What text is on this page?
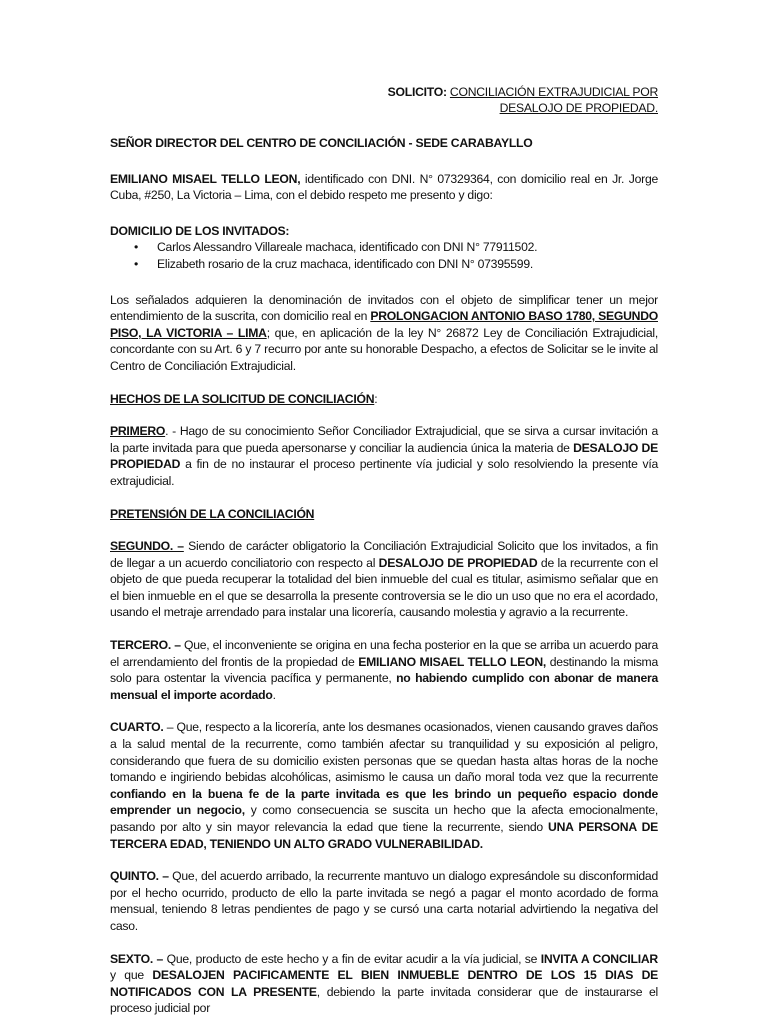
SOLICITO: CONCILIACIÓN EXTRAJUDICIAL POR
DESALOJO DE PROPIEDAD.

SEÑOR DIRECTOR DEL CENTRO DE CONCILIACIÓN - SEDE CARABAYLLO

EMILIANO MISAEL TELLO LEON, identificado con DNI. N° 07329364, con domicilio real en Jr. Jorge Cuba, #250, La Victoria – Lima, con el debido respeto me presento y digo:

DOMICILIO DE LOS INVITADOS:

• Carlos Alessandro Villareale machaca, identificado con DNI N° 77911502.
• Elizabeth rosario de la cruz machaca, identificado con DNI N° 07395599.

Los señalados adquieren la denominación de invitados con el objeto de simplificar tener un mejor entendimiento de la suscrita, con domicilio real en PROLONGACION ANTONIO BASO 1780, SEGUNDO PISO, LA VICTORIA – LIMA; que, en aplicación de la ley N° 26872 Ley de Conciliación Extrajudicial, concordante con su Art. 6 y 7 recurro por ante su honorable Despacho, a efectos de Solicitar se le invite al Centro de Conciliación Extrajudicial.

HECHOS DE LA SOLICITUD DE CONCILIACIÓN:

PRIMERO. - Hago de su conocimiento Señor Conciliador Extrajudicial, que se sirva a cursar invitación a la parte invitada para que pueda apersonarse y conciliar la audiencia única la materia de DESALOJO DE PROPIEDAD a fin de no instaurar el proceso pertinente vía judicial y solo resolviendo la presente vía extrajudicial.

PRETENSIÓN DE LA CONCILIACIÓN

SEGUNDO. – Siendo de carácter obligatorio la Conciliación Extrajudicial Solicito que los invitados, a fin de llegar a un acuerdo conciliatorio con respecto al DESALOJO DE PROPIEDAD de la recurrente con el objeto de que pueda recuperar la totalidad del bien inmueble del cual es titular, asimismo señalar que en el bien inmueble en el que se desarrolla la presente controversia se le dio un uso que no era el acordado, usando el metraje arrendado para instalar una licorería, causando molestia y agravio a la recurrente.

TERCERO. – Que, el inconveniente se origina en una fecha posterior en la que se arriba un acuerdo para el arrendamiento del frontis de la propiedad de EMILIANO MISAEL TELLO LEON, destinando la misma solo para ostentar la vivencia pacífica y permanente, no habiendo cumplido con abonar de manera mensual el importe acordado.

CUARTO. – Que, respecto a la licorería, ante los desmanes ocasionados, vienen causando graves daños a la salud mental de la recurrente, como también afectar su tranquilidad y su exposición al peligro, considerando que fuera de su domicilio existen personas que se quedan hasta altas horas de la noche tomando e ingiriendo bebidas alcohólicas, asimismo le causa un daño moral toda vez que la recurrente confiando en la buena fe de la parte invitada es que les brindo un pequeño espacio donde emprender un negocio, y como consecuencia se suscita un hecho que la afecta emocionalmente, pasando por alto y sin mayor relevancia la edad que tiene la recurrente, siendo UNA PERSONA DE TERCERA EDAD, TENIENDO UN ALTO GRADO VULNERABILIDAD.

QUINTO. – Que, del acuerdo arribado, la recurrente mantuvo un dialogo expresándole su disconformidad por el hecho ocurrido, producto de ello la parte invitada se negó a pagar el monto acordado de forma mensual, teniendo 8 letras pendientes de pago y se cursó una carta notarial advirtiendo la negativa del caso.

SEXTO. – Que, producto de este hecho y a fin de evitar acudir a la vía judicial, se INVITA A CONCILIAR y que DESALOJEN PACIFICAMENTE EL BIEN INMUEBLE DENTRO DE LOS 15 DIAS DE NOTIFICADOS CON LA PRESENTE, debiendo la parte invitada considerar que de instaurarse el proceso judicial por
